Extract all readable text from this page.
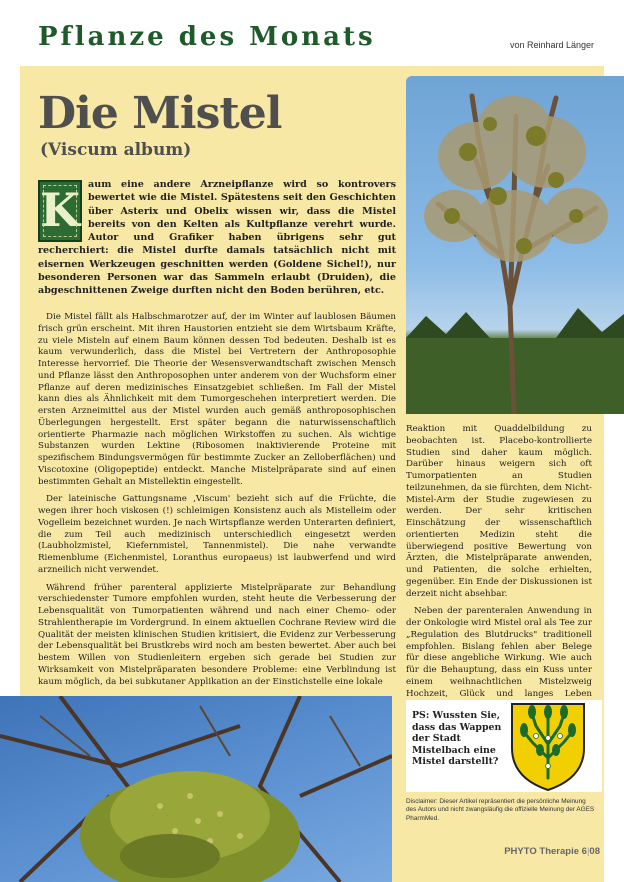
Pflanze des Monats	von Reinhard Länger
Die Mistel
(Viscum album)

K aum eine andere Arzneipflanze wird so kontrovers bewertet wie die Mistel. Spätestens seit den Geschichten über Asterix und Obelix wissen wir, dass die Mistel bereits von den Kelten als Kultpflanze verehrt wurde. Autor und Grafiker haben übrigens sehr gut recherchiert: die Mistel durfte damals tatsächlich nicht mit eisernen Werkzeugen geschnitten werden (Goldene Sichel!), nur besonderen Personen war das Sammeln erlaubt (Druiden), die abgeschnittenen Zweige durften nicht den Boden berühren, etc.

Die Mistel fällt als Halbschmarotzer auf, der im Winter auf laublosen Bäumen frisch grün erscheint. Mit ihren Haustorien entzieht sie dem Wirtsbaum Kräfte, zu viele Misteln auf einem Baum können dessen Tod bedeuten. Deshalb ist es kaum verwunderlich, dass die Mistel bei Vertretern der Anthroposophie Interesse hervorrief. Die Theorie der Wesensverwandtschaft zwischen Mensch und Pflanze lässt den Anthroposophen unter anderem von der Wuchsform einer Pflanze auf deren medizinisches Einsatzgebiet schließen. Im Fall der Mistel kann dies als Ähnlichkeit mit dem Tumorgeschehen interpretiert werden. Die ersten Arzneimittel aus der Mistel wurden auch gemäß anthroposophischen Überlegungen hergestellt. Erst später begann die naturwissenschaftlich orientierte Pharmazie nach möglichen Wirkstoffen zu suchen. Als wichtige Substanzen wurden Lektine (Ribosomen inaktivierende Proteine mit spezifischem Bindungsvermögen für bestimmte Zucker an Zelloberflächen) und Viscotoxine (Oligopeptide) entdeckt. Manche Mistelpräparate sind auf einen bestimmten Gehalt an Mistellektin eingestellt.

Der lateinische Gattungsname ‚Viscum' bezieht sich auf die Früchte, die wegen ihrer hoch viskosen (!) schleimigen Konsistenz auch als Mistelleim oder Vogelleim bezeichnet wurden. Je nach Wirtspflanze werden Unterarten definiert, die zum Teil auch medizinisch unterschiedlich eingesetzt werden (Laubholzmistel, Kiefernmistel, Tannenmistel). Die nahe verwandte Riemenblume (Eichenmistel, Loranthus europaeus) ist laubwerfend und wird arzneilich nicht verwendet.

Während früher parenteral applizierte Mistelpräparate zur Behandlung verschiedenster Tumore empfohlen wurden, steht heute die Verbesserung der Lebensqualität von Tumorpatienten während und nach einer Chemo- oder Strahlentherapie im Vordergrund. In einem aktuellen Cochrane Review wird die Qualität der meisten klinischen Studien kritisiert, die Evidenz zur Verbesserung der Lebensqualität bei Brustkrebs wird noch am besten bewertet. Aber auch bei bestem Willen von Studienleitern ergeben sich gerade bei Studien zur Wirksamkeit von Mistelpräparaten besondere Probleme: eine Verblindung ist kaum möglich, da bei subkutaner Applikation an der Einstichstelle eine lokale

Reaktion mit Quaddelbildung zu beobachten ist. Placebo-kontrollierte Studien sind daher kaum möglich. Darüber hinaus weigern sich oft Tumorpatienten an Studien teilzunehmen, da sie fürchten, dem Nicht-Mistel-Arm der Studie zugewiesen zu werden. Der sehr kritischen Einschätzung der wissenschaftlich orientierten Medizin steht die überwiegend positive Bewertung von Ärzten, die Mistelpräparate anwenden, und Patienten, die solche erhielten, gegenüber. Ein Ende der Diskussionen ist derzeit nicht absehbar.

Neben der parenteralen Anwendung in der Onkologie wird Mistel oral als Tee zur „Regulation des Blutdrucks" traditionell empfohlen. Bislang fehlen aber Belege für diese angebliche Wirkung. Wie auch für die Behauptung, dass ein Kuss unter einem weihnachtlichen Mistelzweig Hochzeit, Glück und langes Leben

PS: Wussten Sie, dass das Wappen der Stadt Mistelbach eine Mistel darstellt?

Disclaimer: Dieser Artikel repräsentiert die persönliche Meinung des Autors und nicht zwangsläufig die offizielle Meinung der AGES PharmMed.

PHYTO Therapie 6|08
